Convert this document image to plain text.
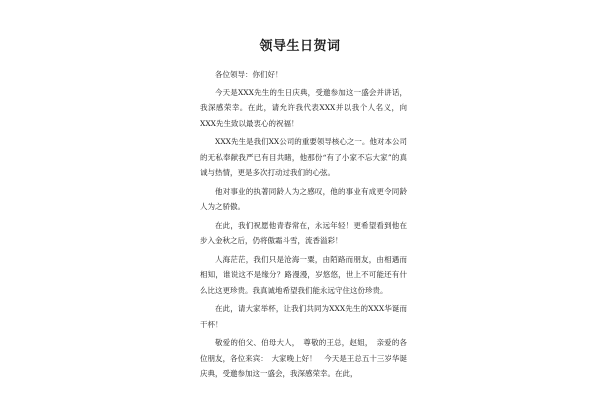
领导生日贺词

各位领导：你们好！

今天是XXX先生的生日庆典，受邀参加这一盛会并讲话，我深感荣幸。在此，请允许我代表XXX并以我个人名义，向XXX先生致以最衷心的祝福！

XXX先生是我们XX公司的重要领导核心之一。他对本公司的无私奉献我严已有目共睹，他那份“有了小家不忘大家”的真诚与热情，更是多次打动过我们的心弦。

他对事业的执著同龄人为之感叹，他的事业有成更令同龄人为之骄傲。

在此，我们祝愿他青春常在，永远年轻！更希望看到他在步入金秋之后，仍将傲霜斗雪，流香溢彩！

人海茫茫，我们只是沧海一粟，由陌路而朋友，由相遇而相知，谁说这不是缘分？路漫漫，岁悠悠，世上不可能还有什么比这更珍贵。我真诚地希望我们能永远守住这份珍贵。

在此，请大家举杯，让我们共同为XXX先生的XXX华诞而干杯！

敬爱的伯父、伯母大人，　尊敬的王总，赵姐，　亲爱的各位朋友，各位来宾：　大家晚上好！　今天是王总五十三岁华诞庆典，受邀参加这一盛会，我深感荣幸。在此，
